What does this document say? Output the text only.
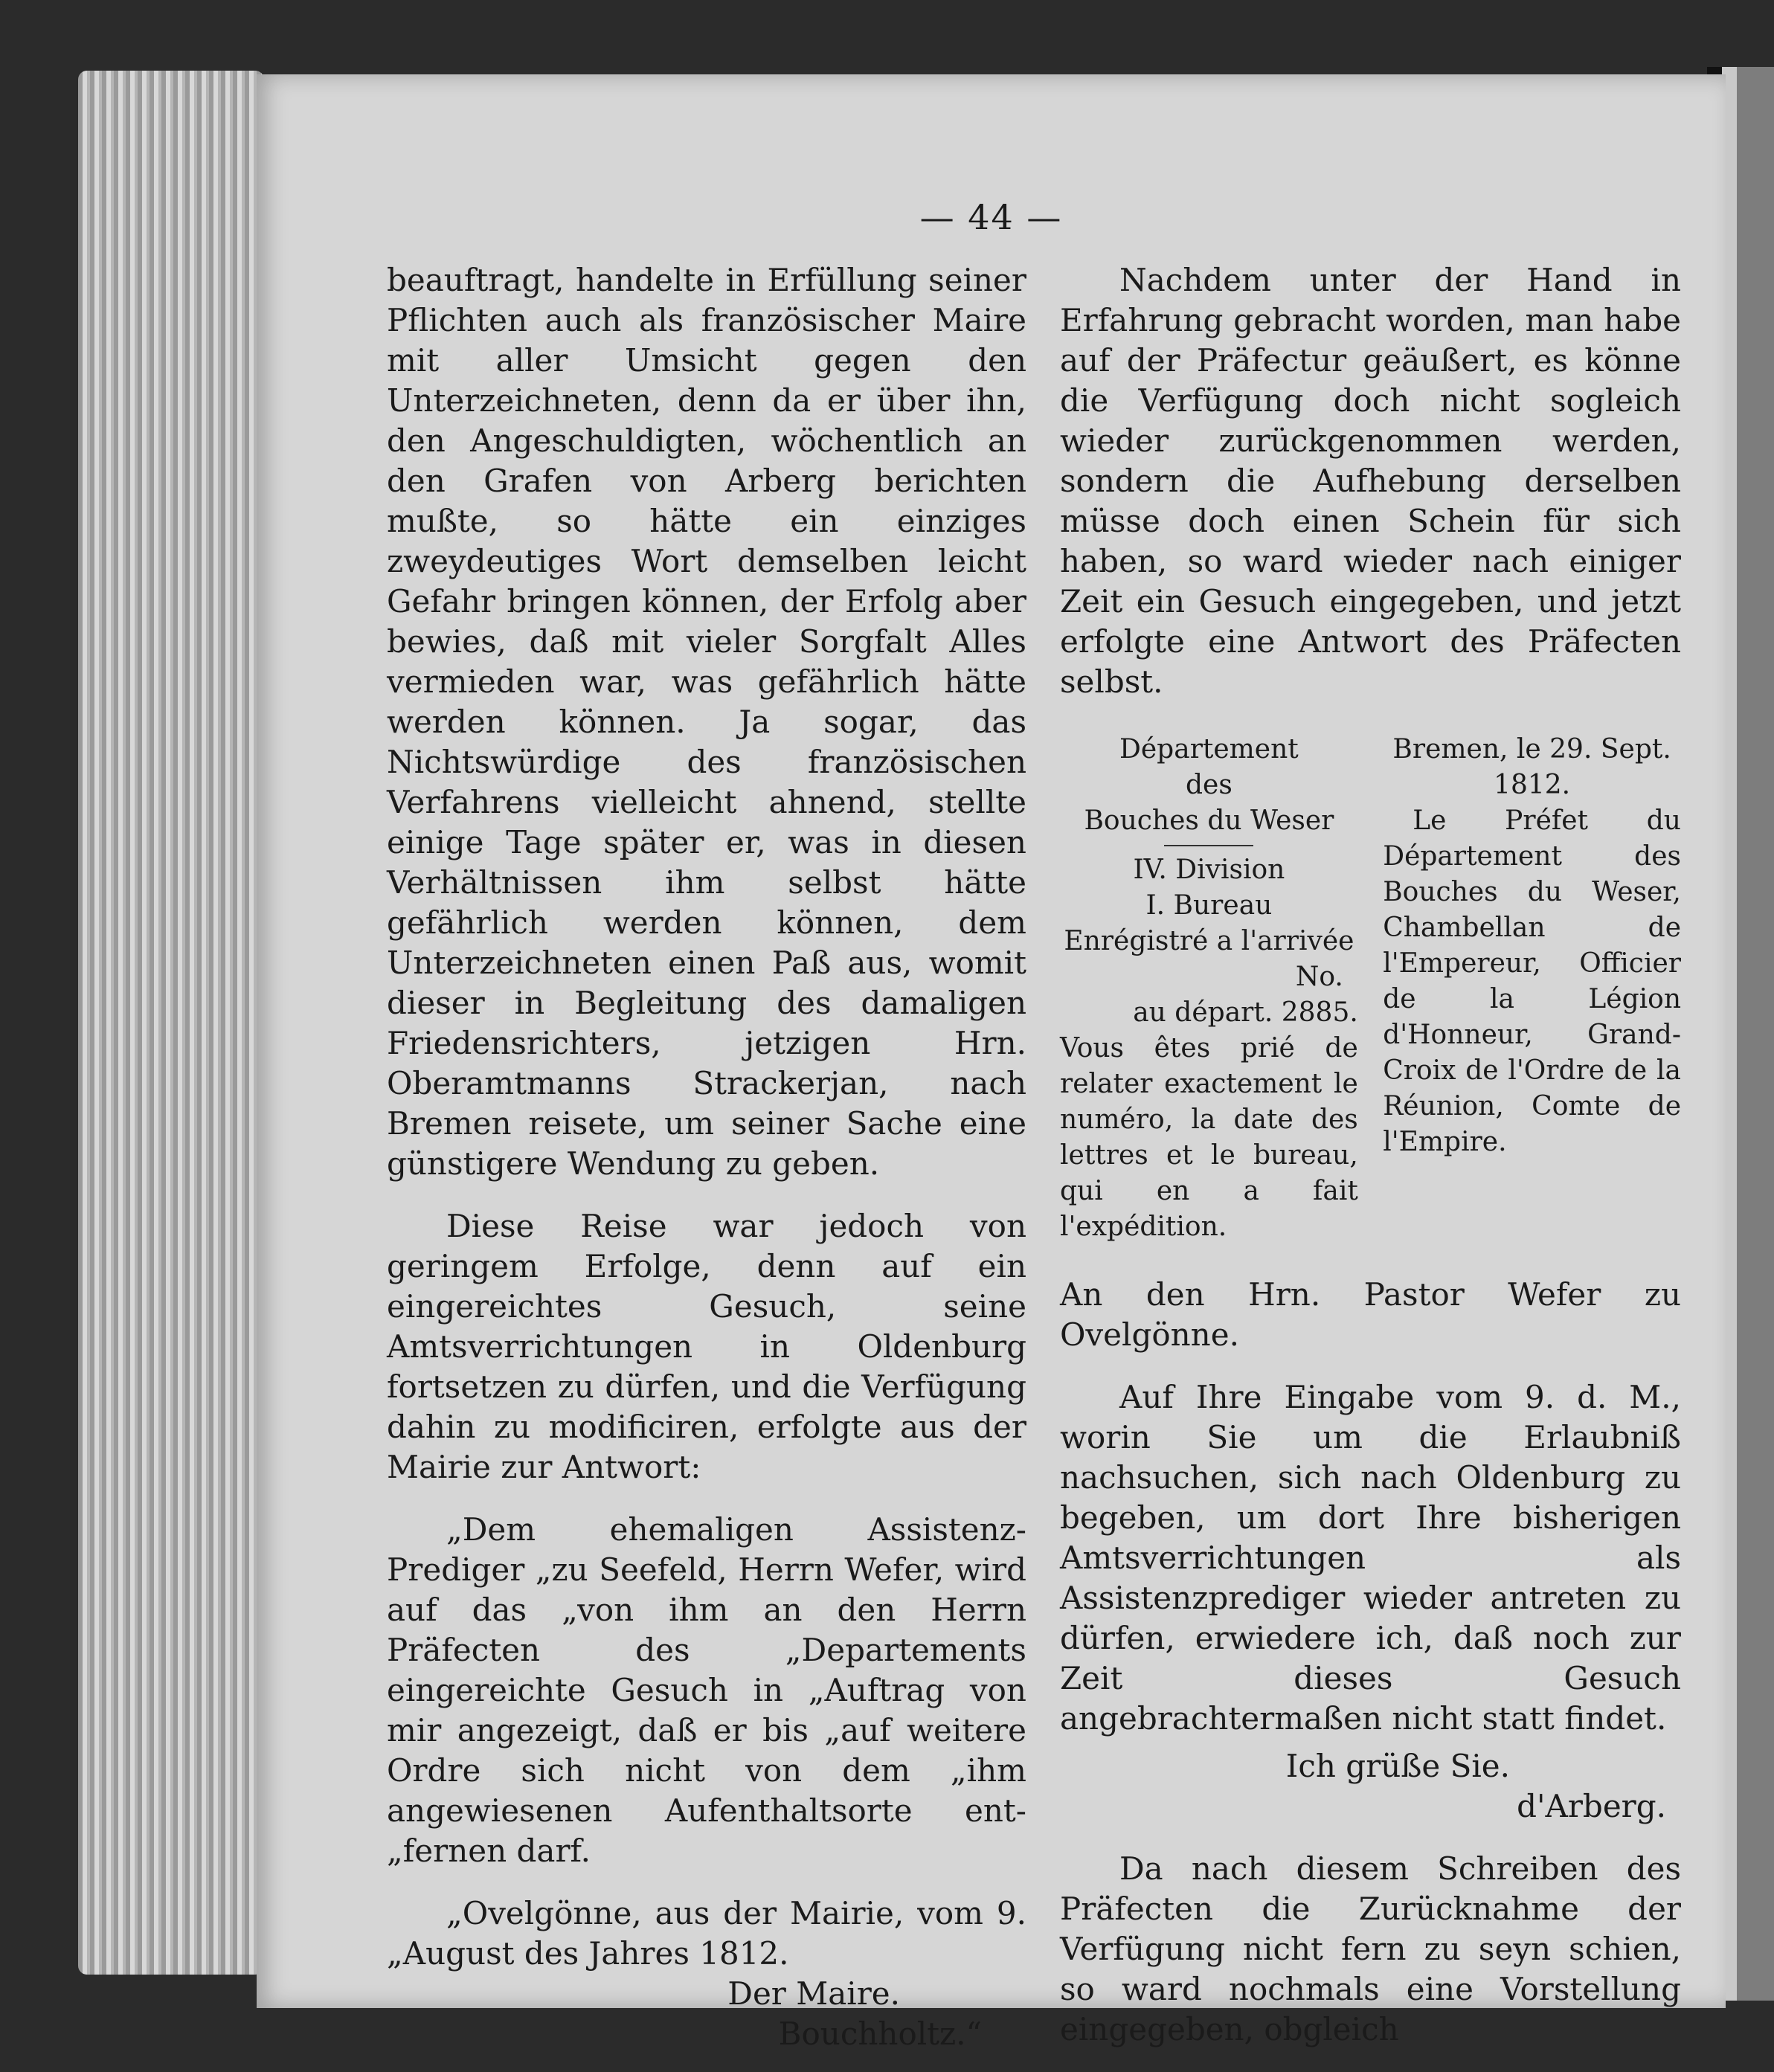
— 44 —

beauftragt, handelte in Erfüllung seiner Pflichten auch als französischer Maire mit aller Umsicht gegen den Unterzeichneten, denn da er über ihn, den Angeschuldigten, wöchentlich an den Grafen von Arberg berichten mußte, so hätte ein einziges zweydeutiges Wort demselben leicht Gefahr bringen können, der Erfolg aber bewies, daß mit vieler Sorgfalt Alles vermieden war, was gefährlich hätte werden können. Ja sogar, das Nichtswürdige des französischen Verfahrens vielleicht ahnend, stellte einige Tage später er, was in diesen Verhältnissen ihm selbst hätte gefährlich werden können, dem Unterzeichneten einen Paß aus, womit dieser in Begleitung des damaligen Friedensrichters, jetzigen Hrn. Oberamtmanns Strackerjan, nach Bremen reisete, um seiner Sache eine günstigere Wendung zu geben.

Diese Reise war jedoch von geringem Erfolge, denn auf ein eingereichtes Gesuch, seine Amtsverrichtungen in Oldenburg fortsetzen zu dürfen, und die Verfügung dahin zu modificiren, erfolgte aus der Mairie zur Antwort:

„Dem ehemaligen Assistenz-Prediger „zu Seefeld, Herrn Wefer, wird auf das „von ihm an den Herrn Präfecten des „Departements eingereichte Gesuch in „Auftrag von mir angezeigt, daß er bis „auf weitere Ordre sich nicht von dem „ihm angewiesenen Aufenthaltsorte ent- „fernen darf.

„Ovelgönne, aus der Mairie, vom 9. „August des Jahres 1812.

Der Maire.
Bouchholtz.“

Nachdem unter der Hand in Erfahrung gebracht worden, man habe auf der Präfectur geäußert, es könne die Verfügung doch nicht sogleich wieder zurückgenommen werden, sondern die Aufhebung derselben müsse doch einen Schein für sich haben, so ward wieder nach einiger Zeit ein Gesuch eingegeben, und jetzt erfolgte eine Antwort des Präfecten selbst.

Département
des
Bouches du Weser
IV. Division
I. Bureau
Enrégistré a l'arrivée
No.
au départ. 2885.
Vous êtes prié de relater exactement le numéro, la date des lettres et le bureau, qui en a fait l'expédition.
Bremen, le 29. Sept.
1812.
Le Préfet du Département des Bouches du Weser, Chambellan de l'Empereur, Officier de la Légion d'Honneur, Grand-Croix de l'Ordre de la Réunion, Comte de l'Empire.

An den Hrn. Pastor Wefer zu Ovelgönne.

Auf Ihre Eingabe vom 9. d. M., worin Sie um die Erlaubniß nachsuchen, sich nach Oldenburg zu begeben, um dort Ihre bisherigen Amtsverrichtungen als Assistenzprediger wieder antreten zu dürfen, erwiedere ich, daß noch zur Zeit dieses Gesuch angebrachtermaßen nicht statt findet.

Ich grüße Sie.
d'Arberg.

Da nach diesem Schreiben des Präfecten die Zurücknahme der Verfügung nicht fern zu seyn schien, so ward nochmals eine Vorstellung eingegeben, obgleich
